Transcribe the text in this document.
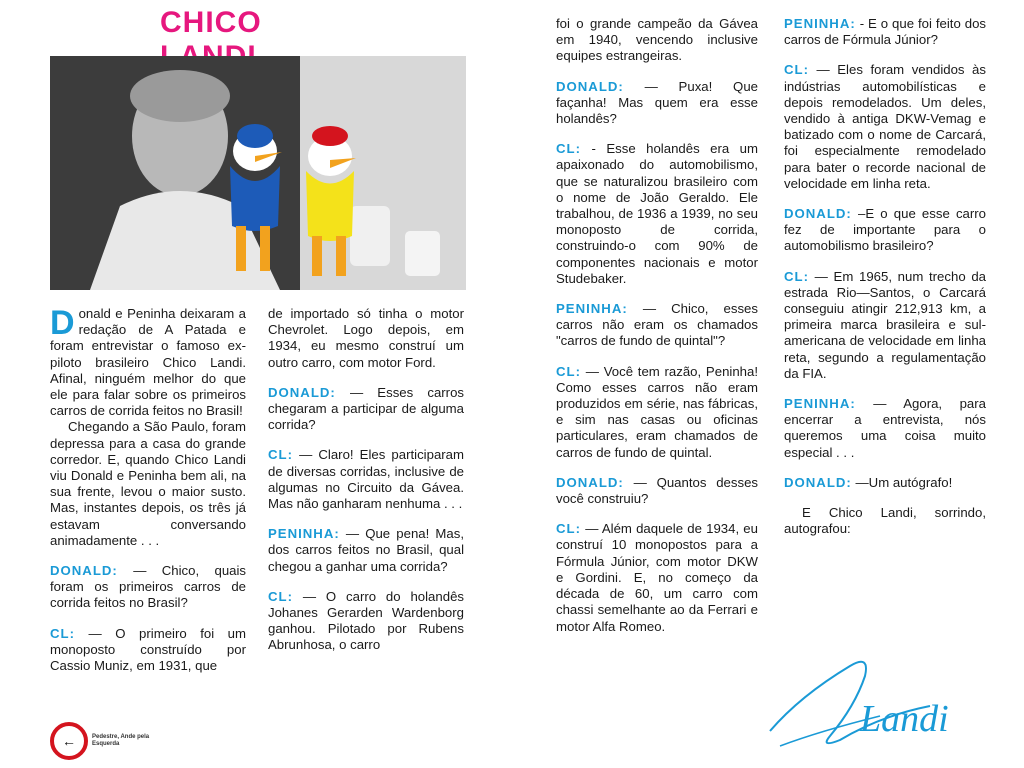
CHICO

Donald e Peninha deixaram a redação de A Patada e foram entrevistar o famoso ex-piloto brasileiro Chico Landi. Afinal, ninguém melhor do que ele para falar sobre os primeiros carros de corrida feitos no Brasil!

Chegando a São Paulo, foram depressa para a casa do grande corredor. E, quando Chico Landi viu Donald e Peninha bem ali, na sua frente, levou o maior susto. Mas, instantes depois, os três já estavam conversando animadamente . . .

DONALD: — Chico, quais foram os primeiros carros de corrida feitos no Brasil?

CL: — O primeiro foi um monoposto construído por Cassio Muniz, em 1931, que

de importado só tinha o motor Chevrolet. Logo depois, em 1934, eu mesmo construí um outro carro, com motor Ford.

DONALD: — Esses carros chegaram a participar de alguma corrida?

CL: — Claro! Eles participaram de diversas corridas, inclusive de algumas no Circuito da Gávea. Mas não ganharam nenhuma . . .

PENINHA: — Que pena! Mas, dos carros feitos no Brasil, qual chegou a ganhar uma corrida?

CL: — O carro do holandês Johanes Gerarden Wardenborg ganhou. Pilotado por Rubens Abrunhosa, o carro

foi o grande campeão da Gávea em 1940, vencendo inclusive equipes estrangeiras.

DONALD: — Puxa! Que façanha! Mas quem era esse holandês?

CL: - Esse holandês era um apaixonado do automobilismo, que se naturalizou brasileiro com o nome de João Geraldo. Ele trabalhou, de 1936 a 1939, no seu monoposto de corrida, construindo-o com 90% de componentes nacionais e motor Studebaker.

PENINHA: — Chico, esses carros não eram os chamados "carros de fundo de quintal"?

CL: — Você tem razão, Peninha! Como esses carros não eram produzidos em série, nas fábricas, e sim nas casas ou oficinas particulares, eram chamados de carros de fundo de quintal.

DONALD: — Quantos desses você construiu?

CL: — Além daquele de 1934, eu construí 10 monopostos para a Fórmula Júnior, com motor DKW e Gordini. E, no começo da década de 60, um carro com chassi semelhante ao da Ferrari e motor Alfa Romeo.

PENINHA: - E o que foi feito dos carros de Fórmula Júnior?

CL: — Eles foram vendidos às indústrias automobilísticas e depois remodelados. Um deles, vendido à antiga DKW-Vemag e batizado com o nome de Carcará, foi especialmente remodelado para bater o recorde nacional de velocidade em linha reta.

DONALD: –E o que esse carro fez de importante para o automobilismo brasileiro?

CL: — Em 1965, num trecho da estrada Rio—Santos, o Carcará conseguiu atingir 212,913 km, a primeira marca brasileira e sul-americana de velocidade em linha reta, segundo a regulamentação da FIA.

PENINHA: — Agora, para encerrar a entrevista, nós queremos uma coisa muito especial . . .

DONALD: —Um autógrafo!

E Chico Landi, sorrindo, autografou:

Landi
←	Pedestre, Ande pela Esquerda
